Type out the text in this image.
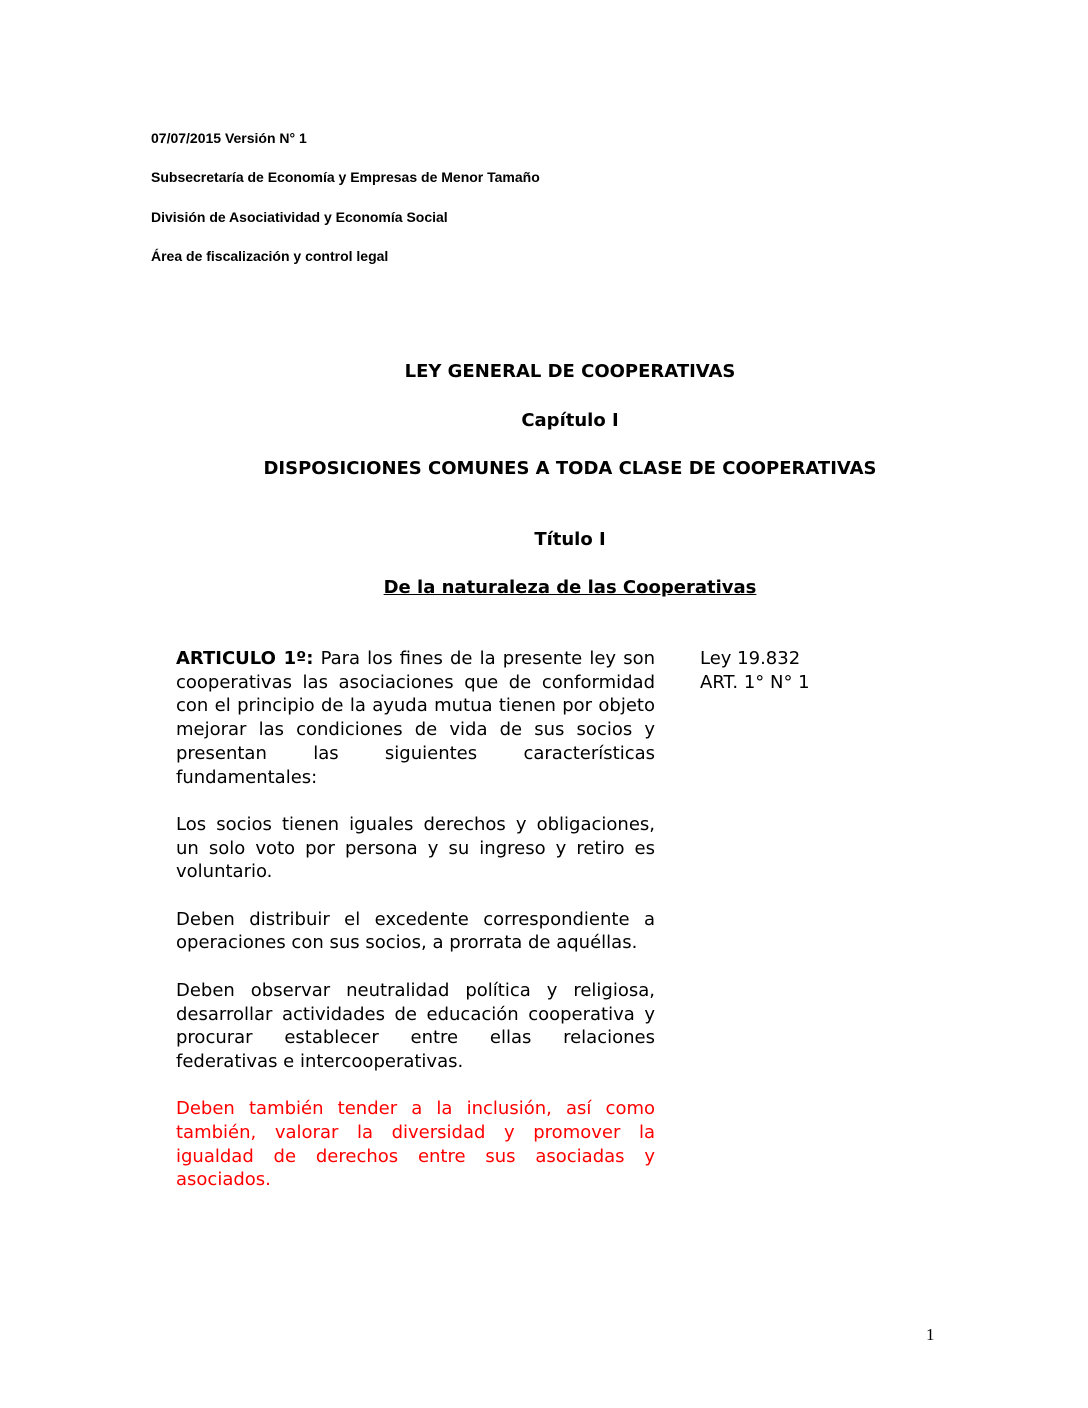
07/07/2015 Versión N° 1
Subsecretaría de Economía y Empresas de Menor Tamaño
División de Asociatividad y Economía Social
Área de fiscalización y control legal
LEY GENERAL DE COOPERATIVAS
Capítulo I
DISPOSICIONES COMUNES A TODA CLASE DE COOPERATIVAS
Título I
De la naturaleza de las Cooperativas

ARTICULO 1º: Para los fines de la presente ley son cooperativas las asociaciones que de conformidad con el principio de la ayuda mutua tienen por objeto mejorar las condiciones de vida de sus socios y presentan las siguientes características fundamentales:

Los socios tienen iguales derechos y obligaciones, un solo voto por persona y su ingreso y retiro es voluntario.

Deben distribuir el excedente correspondiente a operaciones con sus socios, a prorrata de aquéllas.

Deben observar neutralidad política y religiosa, desarrollar actividades de educación cooperativa y procurar establecer entre ellas relaciones federativas e intercooperativas.

Deben también tender a la inclusión, así como también, valorar la diversidad y promover la igualdad de derechos entre sus asociadas y asociados.

Ley 19.832
ART. 1° N° 1
1
